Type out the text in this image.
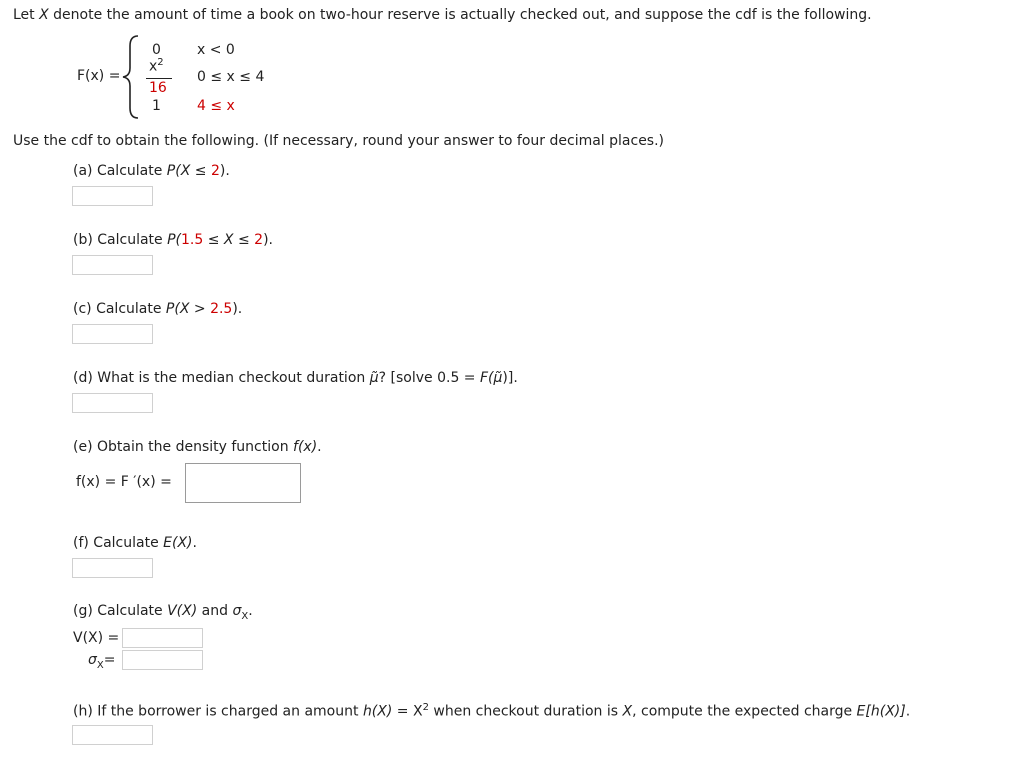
Let X denote the amount of time a book on two-hour reserve is actually checked out, and suppose the cdf is the following.
F(x) =
0	x < 0
$x^2$
16
0 ≤ x ≤ 4
1	4 ≤ x
Use the cdf to obtain the following. (If necessary, round your answer to four decimal places.)
(a) Calculate P(X ≤ 2).
(b) Calculate P(1.5 ≤ X ≤ 2).
(c) Calculate P(X > 2.5).
(d) What is the median checkout duration μ̃? [solve 0.5 = F(μ̃)].
(e) Obtain the density function f(x).
f(x) = F ′(x) =
(f) Calculate E(X).
(g) Calculate V(X) and $\sigma_X$.
V(X) =
$\sigma_X=$
(h) If the borrower is charged an amount $h(X) = X^2$ when checkout duration is X, compute the expected charge E[h(X)].
